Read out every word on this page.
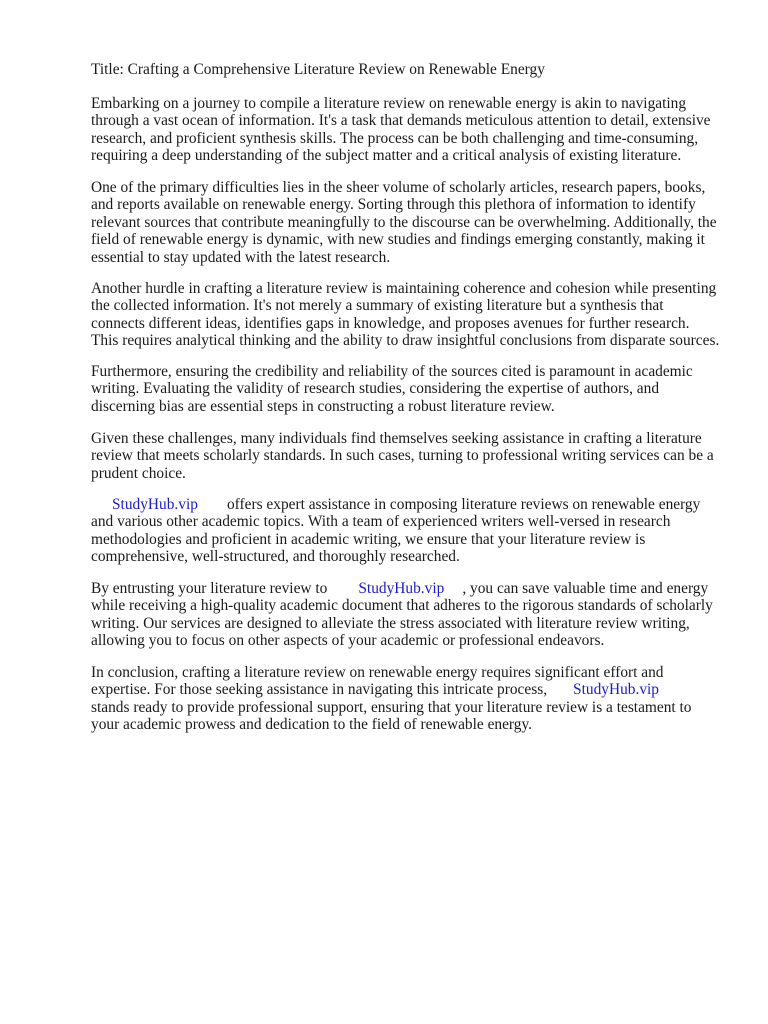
Title: Crafting a Comprehensive Literature Review on Renewable Energy

Embarking on a journey to compile a literature review on renewable energy is akin to navigating
through a vast ocean of information. It's a task that demands meticulous attention to detail, extensive
research, and proficient synthesis skills. The process can be both challenging and time-consuming,
requiring a deep understanding of the subject matter and a critical analysis of existing literature.

One of the primary difficulties lies in the sheer volume of scholarly articles, research papers, books,
and reports available on renewable energy. Sorting through this plethora of information to identify
relevant sources that contribute meaningfully to the discourse can be overwhelming. Additionally, the
field of renewable energy is dynamic, with new studies and findings emerging constantly, making it
essential to stay updated with the latest research.

Another hurdle in crafting a literature review is maintaining coherence and cohesion while presenting
the collected information. It's not merely a summary of existing literature but a synthesis that
connects different ideas, identifies gaps in knowledge, and proposes avenues for further research.
This requires analytical thinking and the ability to draw insightful conclusions from disparate sources.

Furthermore, ensuring the credibility and reliability of the sources cited is paramount in academic
writing. Evaluating the validity of research studies, considering the expertise of authors, and
discerning bias are essential steps in constructing a robust literature review.

Given these challenges, many individuals find themselves seeking assistance in crafting a literature
review that meets scholarly standards. In such cases, turning to professional writing services can be a
prudent choice.

StudyHub.vip offers expert assistance in composing literature reviews on renewable energy
and various other academic topics. With a team of experienced writers well-versed in research
methodologies and proficient in academic writing, we ensure that your literature review is
comprehensive, well-structured, and thoroughly researched.

By entrusting your literature review to StudyHub.vip , you can save valuable time and energy
while receiving a high-quality academic document that adheres to the rigorous standards of scholarly
writing. Our services are designed to alleviate the stress associated with literature review writing,
allowing you to focus on other aspects of your academic or professional endeavors.

In conclusion, crafting a literature review on renewable energy requires significant effort and
expertise. For those seeking assistance in navigating this intricate process, StudyHub.vip
stands ready to provide professional support, ensuring that your literature review is a testament to
your academic prowess and dedication to the field of renewable energy.
